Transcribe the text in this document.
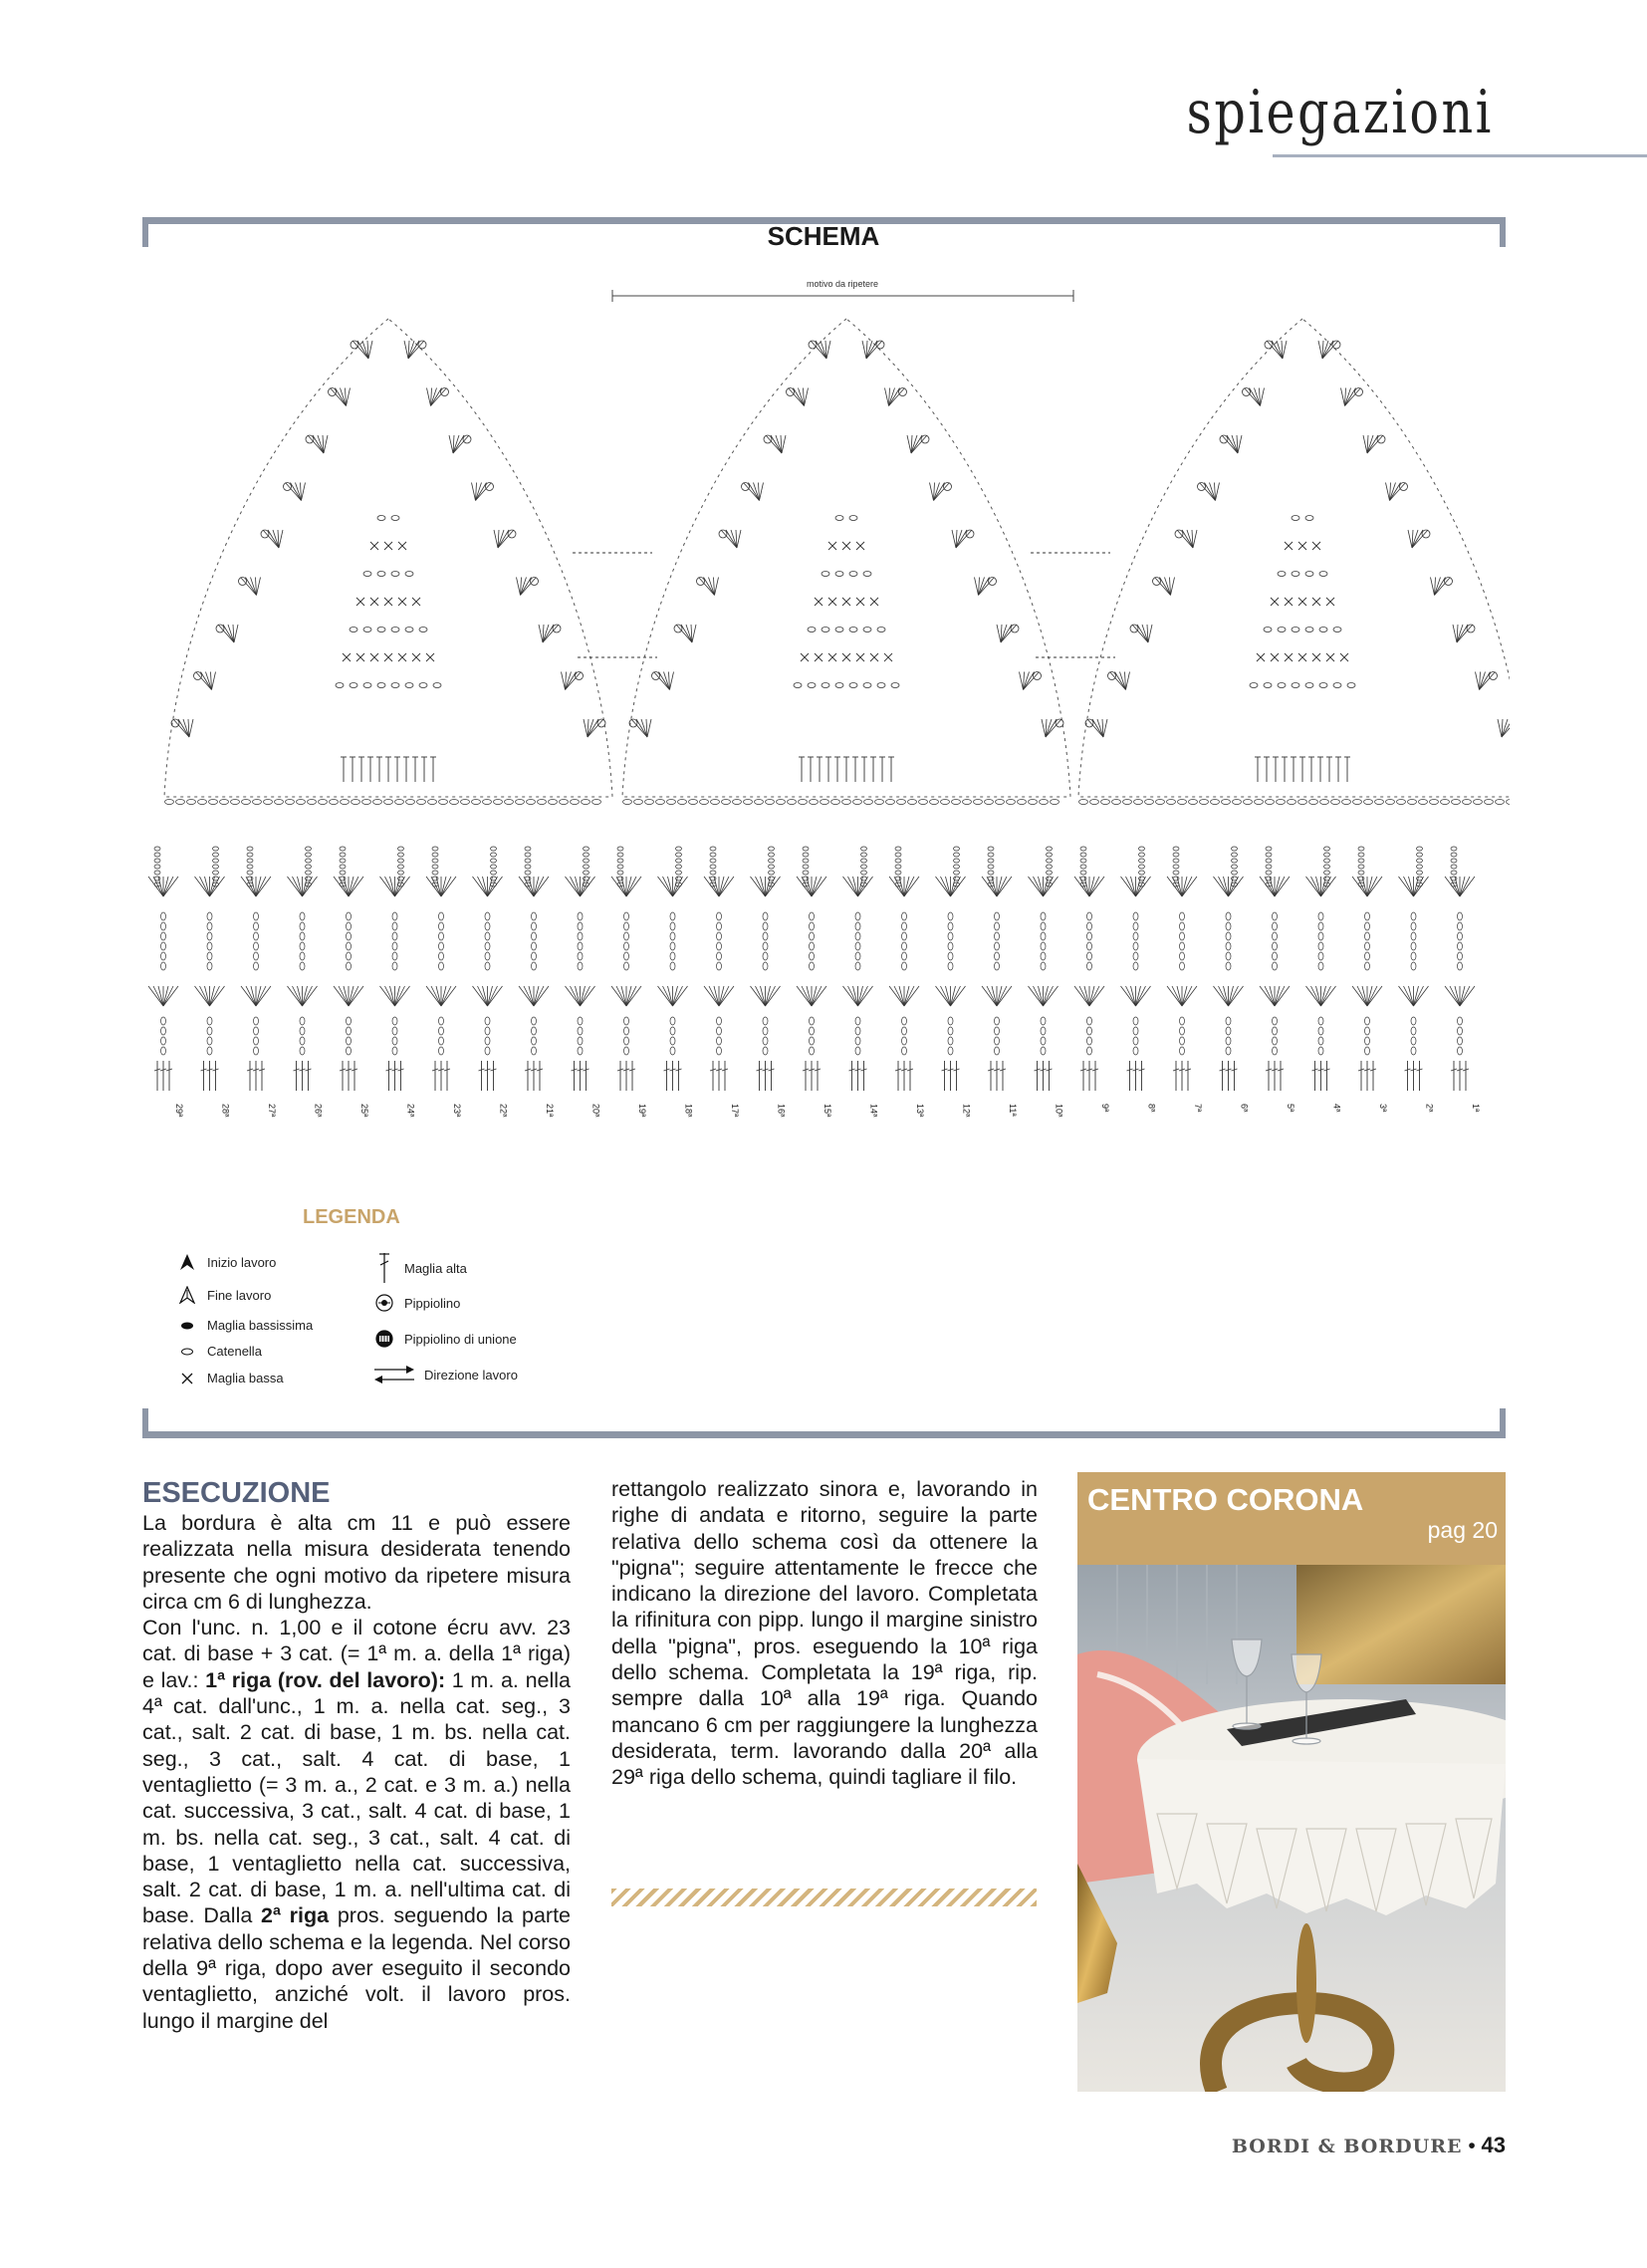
spiegazioni
SCHEMA
motivo da ripetere
29ª	28ª	27ª	26ª	25ª	24ª	23ª	22ª	21ª	20ª	19ª	18ª	17ª	16ª	15ª	14ª	13ª	12ª	11ª	10ª	9ª	8ª	7ª	6ª	5ª	4ª	3ª	2ª	1ª
LEGENDA
Inizio lavoro
Fine lavoro
Maglia bassissima
Catenella
Maglia bassa
Maglia alta
Pippiolino
Pippiolino di unione
Direzione lavoro
ESECUZIONE

La bordura è alta cm 11 e può essere realizzata nella misura desiderata tenendo presente che ogni motivo da ripetere misura circa cm 6 di lunghezza.

Con l'unc. n. 1,00 e il cotone écru avv. 23 cat. di base + 3 cat. (= 1ª m. a. della 1ª riga) e lav.: 1ª riga (rov. del lavoro): 1 m. a. nella 4ª cat. dall'unc., 1 m. a. nella cat. seg., 3 cat., salt. 2 cat. di base, 1 m. bs. nella cat. seg., 3 cat., salt. 4 cat. di base, 1 ventaglietto (= 3 m. a., 2 cat. e 3 m. a.) nella cat. successiva, 3 cat., salt. 4 cat. di base, 1 m. bs. nella cat. seg., 3 cat., salt. 4 cat. di base, 1 ventaglietto nella cat. successiva, salt. 2 cat. di base, 1 m. a. nell'ultima cat. di base. Dalla 2ª riga pros. seguendo la parte relativa dello schema e la legenda. Nel corso della 9ª riga, dopo aver eseguito il secondo ventaglietto, anziché volt. il lavoro pros. lungo il margine del

rettangolo realizzato sinora e, lavorando in righe di andata e ritorno, seguire la parte relativa dello schema così da ottenere la "pigna"; seguire attentamente le frecce che indicano la direzione del lavoro. Completata la rifinitura con pipp. lungo il margine sinistro della "pigna", pros. eseguendo la 10ª riga dello schema. Completata la 19ª riga, rip. sempre dalla 10ª alla 19ª riga. Quando mancano 6 cm per raggiungere la lunghezza desiderata, term. lavorando dalla 20ª alla 29ª riga dello schema, quindi tagliare il filo.

CENTRO CORONA
pag 20
BORDI & BORDURE • 43
